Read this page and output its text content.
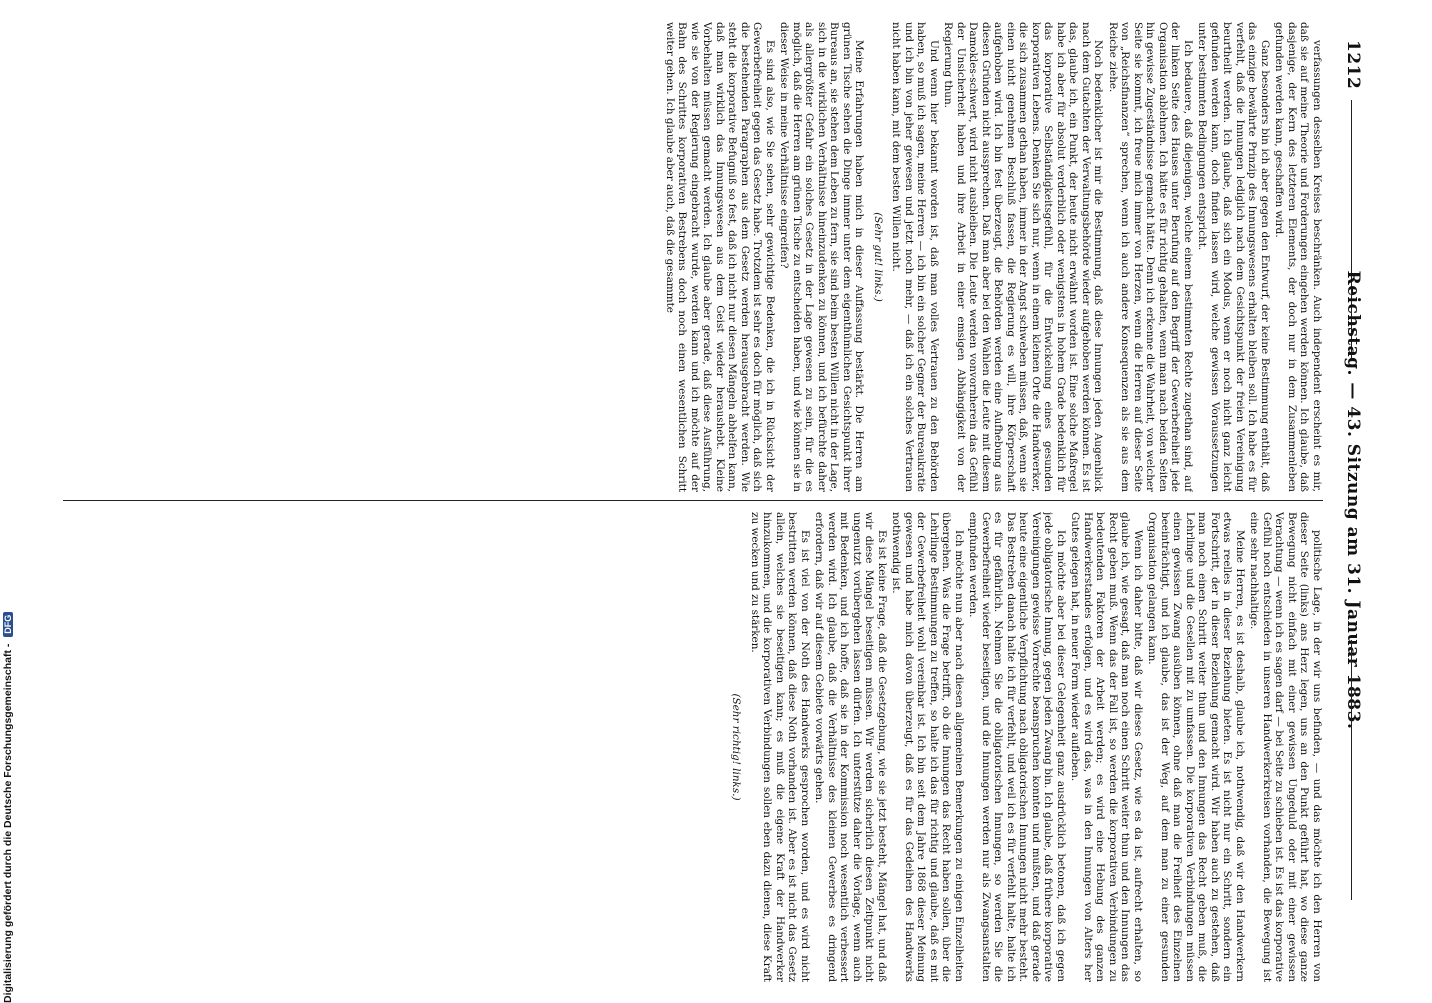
1212
Reichstag. — 43. Sitzung am 31. Januar 1883.

verfassungen desselben Kreises beschränken. Auch independent erscheint es mir, daß sie auf meine Theorie und Forderungen eingehen werden können. Ich glaube, daß dasjenige, der Kern des letzteren Elements, der doch nur in dem Zusammenleben gefunden werden kann, geschaffen wird.

Ganz besonders bin ich aber gegen den Entwurf, der keine Bestimmung enthält, daß das einzige bewährte Prinzip des Innungswesens erhalten bleiben soll. Ich habe es für verfehlt, daß die Innungen lediglich nach dem Gesichtspunkt der freien Vereinigung beurtheilt werden. Ich glaube, daß sich ein Modus, wenn er noch nicht ganz leicht gefunden werden kann, doch finden lassen wird, welche gewissen Voraussetzungen unter bestimmten Bedingungen entspricht.

Ich bedauere, daß diejenigen, welche einem bestimmten Rechte zugethan sind, auf der linken Seite des Hauses unter Berufung auf den Begriff der Gewerbefreiheit jede Organisation ablehnen. Ich hätte es für richtig gehalten, wenn man nach beiden Seiten hin gewisse Zugeständnisse gemacht hätte. Denn ich erkenne die Wahrheit, von welcher Seite sie kommt, ich freue mich immer von Herzen, wenn die Herren auf dieser Seite von „Reichsfinanzen“ sprechen, wenn ich auch andere Konsequenzen als sie aus dem Reiche ziehe.

Noch bedenklicher ist mir die Bestimmung, daß diese Innungen jeden Augenblick nach dem Gutachten der Verwaltungsbehörde wieder aufgehoben werden können. Es ist das, glaube ich, ein Punkt, der heute nicht erwähnt worden ist. Eine solche Maßregel habe ich aber für absolut verderblich oder wenigstens in hohem Grade bedenklich für das korporative Selbständigkeitsgefühl, für die Entwickelung eines gesunden korporativen Lebens. Denken Sie sich nur, wenn in einem kleinen Orte die Handwerker, die sich zusammen gethan haben, immer in der Angst schweben müssen, daß, wenn sie einen nicht genehmen Beschluß fassen, die Regierung es will, ihre Körperschaft aufgehoben wird. Ich bin fest überzeugt, die Behörden werden eine Aufhebung aus diesen Gründen nicht aussprechen. Daß man aber bei den Wahlen die Leute mit diesem Damokles-schwert, wird nicht ausbleiben. Die Leute werden vonvornherein das Gefühl der Unsicherheit haben und ihre Arbeit in einer emsigen Abhängigkeit von der Regierung thun.

Und wenn hier bekannt worden ist, daß man volles Vertrauen zu den Behörden haben, so muß ich sagen, meine Herren — ich bin ein solcher Gegner der Bureaukratie und ich bin von jeher gewesen und jetzt noch mehr, — daß ich ein solches Vertrauen nicht haben kann, mit dem besten Willen nicht.

(Sehr gut! links.)

Meine Erfahrungen haben mich in dieser Auffassung bestärkt. Die Herren am grünen Tische sehen die Dinge immer unter dem eigenthümlichen Gesichtspunkt ihrer Bureaus an, sie stehen dem Leben zu fern, sie sind beim besten Willen nicht in der Lage, sich in die wirklichen Verhältnisse hineinzudenken zu können, und ich befürchte daher als allergrößter Gefahr ein solches Gesetz in der Lage gewesen zu sein, für die es möglich, daß die Herren am grünen Tische zu entscheiden haben, und wie können sie in dieser Weise in meine Verhältnisse eingreifen?

Es sind also, wie Sie sehen, sehr gewichtige Bedenken, die ich in Rücksicht der Gewerbefreiheit gegen das Gesetz habe. Trotzdem ist sehr es doch für möglich, daß sich die bestehenden Paragraphen aus dem Gesetz werden herausgebracht werden. Wie steht die korporative Befugniß so fest, daß ich nicht nur diesen Mängeln abhelfen kann, daß man wirklich das Innungswesen aus dem Geist wieder heraushebt. Kleine Vorbehalten müssen gemacht werden. Ich glaube aber gerade, daß diese Ausführung, wie sie von der Regierung eingebracht wurde, werden kann und ich möchte auf der Bahn des Schrittes korporativen Bestrebens doch noch einen wesentlichen Schritt weiter gehen. Ich glaube aber auch, daß die gesammte

politische Lage, in der wir uns befinden, — und das möchte ich den Herren von dieser Seite (links) ans Herz legen, uns an den Punkt geführt hat, wo diese ganze Bewegung nicht einfach mit einer gewissen Ungeduld oder mit einer gewissen Verachtung — wenn ich es sagen darf — bei Seite zu schieben ist. Es ist das korporative Gefühl noch entschieden in unseren Handwerkerkreisen vorhanden, die Bewegung ist eine sehr nachhaltige.

Meine Herren, es ist deshalb, glaube ich, nothwendig, daß wir den Handwerkern etwas reelles in dieser Beziehung bieten. Es ist nicht nur ein Schritt, sondern ein Fortschritt, der in dieser Beziehung gemacht wird. Wir haben auch zu gestehen, daß man noch einen Schritt weiter thun und den Innungen das Recht geben muß, die Lehrlinge und die Gesellen mit zu umfassen. Die korporativen Verbindungen müssen einen gewissen Zwang ausüben können, ohne daß man die Freiheit des Einzelnen beeinträchtigt, und ich glaube, das ist der Weg, auf dem man zu einer gesunden Organisation gelangen kann.

Wenn ich daher bitte, daß wir dieses Gesetz, wie es da ist, aufrecht erhalten, so glaube ich, wie gesagt, daß man noch einen Schritt weiter thun und den Innungen das Recht geben muß. Wenn das der Fall ist, so werden die korporativen Verbindungen zu bedeutenden Faktoren der Arbeit werden; es wird eine Hebung des ganzen Handwerkerstandes erfolgen, und es wird das, was in den Innungen von Alters her Gutes gelegen hat, in neuer Form wieder aufleben.

Ich möchte aber bei dieser Gelegenheit ganz ausdrücklich betonen, daß ich gegen jede obligatorische Innung, gegen jeden Zwang bin. Ich glaube, daß frühere korporative Vereinigungen gewisse Vorrechte beanspruchen konnten und mußten, und daß gerade heute eine eigentliche Verpflichtung nach obligatorischen Innungen nicht mehr besteht. Das Bestreben danach halte ich für verfehlt, und weil ich es für verfehlt halte, halte ich es für gefährlich. Nehmen Sie die obligatorischen Innungen, so werden Sie die Gewerbefreiheit wieder beseitigen, und die Innungen werden nur als Zwangsanstalten empfunden werden.

Ich möchte nun aber nach diesen allgemeinen Bemerkungen zu einigen Einzelheiten übergehen. Was die Frage betrifft, ob die Innungen das Recht haben sollen, über die Lehrlinge Bestimmungen zu treffen, so halte ich das für richtig und glaube, daß es mit der Gewerbefreiheit wohl vereinbar ist. Ich bin seit dem Jahre 1868 dieser Meinung gewesen und habe mich davon überzeugt, daß es für das Gedeihen des Handwerks nothwendig ist.

Es ist keine Frage, daß die Gesetzgebung, wie sie jetzt besteht, Mängel hat, und daß wir diese Mängel beseitigen müssen. Wir werden sicherlich diesen Zeitpunkt nicht ungenutzt vorübergehen lassen dürfen. Ich unterstütze daher die Vorlage, wenn auch mit Bedenken, und ich hoffe, daß sie in der Kommission noch wesentlich verbessert werden wird. Ich glaube, daß die Verhältnisse des kleinen Gewerbes es dringend erfordern, daß wir auf diesem Gebiete vorwärts gehen.

Es ist viel von der Noth des Handwerks gesprochen worden, und es wird nicht bestritten werden können, daß diese Noth vorhanden ist. Aber es ist nicht das Gesetz allein, welches sie beseitigen kann; es muß die eigene Kraft der Handwerker hinzukommen, und die korporativen Verbindungen sollen eben dazu dienen, diese Kraft zu wecken und zu stärken.

(Sehr richtig! links.)

Digitalisierung gefördert durch die Deutsche Forschungsgemeinschaft - DFG
